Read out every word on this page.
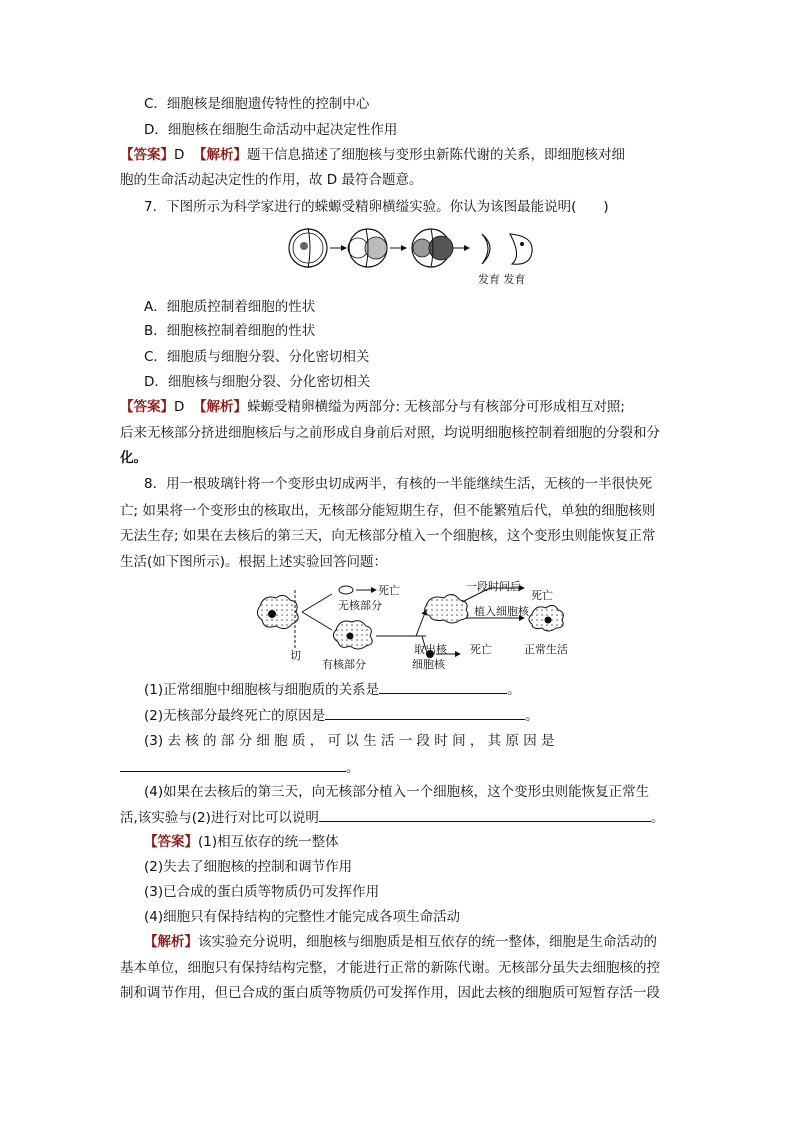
C．细胞核是细胞遗传特性的控制中心
D．细胞核在细胞生命活动中起决定性作用
【答案】D 【解析】题干信息描述了细胞核与变形虫新陈代谢的关系，即细胞核对细
胞的生命活动起决定性的作用，故 D 最符合题意。
7．下图所示为科学家进行的蝾螈受精卵横缢实验。你认为该图最能说明(　　)
发育 发育
A．细胞质控制着细胞的性状
B．细胞核控制着细胞的性状
C．细胞质与细胞分裂、分化密切相关
D．细胞核与细胞分裂、分化密切相关
【答案】D 【解析】蝾螈受精卵横缢为两部分: 无核部分与有核部分可形成相互对照;
后来无核部分挤进细胞核后与之前形成自身前后对照，均说明细胞核控制着细胞的分裂和分
化。
8．用一根玻璃针将一个变形虫切成两半，有核的一半能继续生活，无核的一半很快死
亡; 如果将一个变形虫的核取出，无核部分能短期生存，但不能繁殖后代，单独的细胞核则
无法生存; 如果在去核后的第三天，向无核部分植入一个细胞核，这个变形虫则能恢复正常
生活(如下图所示)。根据上述实验回答问题：
死亡	一段时间后
死亡
无核部分	植入细胞核
取出核 死亡	正常生活
切
有核部分	细胞核
(1)正常细胞中细胞核与细胞质的关系是	。
(2)无核部分最终死亡的原因是	。
(3) 去 核 的 部 分 细 胞 质 ， 可 以 生 活 一 段 时 间 ， 其 原 因 是
。
(4)如果在去核后的第三天，向无核部分植入一个细胞核，这个变形虫则能恢复正常生
活,该实验与(2)进行对比可以说明	。
【答案】(1)相互依存的统一整体
(2)失去了细胞核的控制和调节作用
(3)已合成的蛋白质等物质仍可发挥作用
(4)细胞只有保持结构的完整性才能完成各项生命活动
【解析】该实验充分说明，细胞核与细胞质是相互依存的统一整体，细胞是生命活动的
基本单位，细胞只有保持结构完整，才能进行正常的新陈代谢。无核部分虽失去细胞核的控
制和调节作用，但已合成的蛋白质等物质仍可发挥作用，因此去核的细胞质可短暂存活一段
